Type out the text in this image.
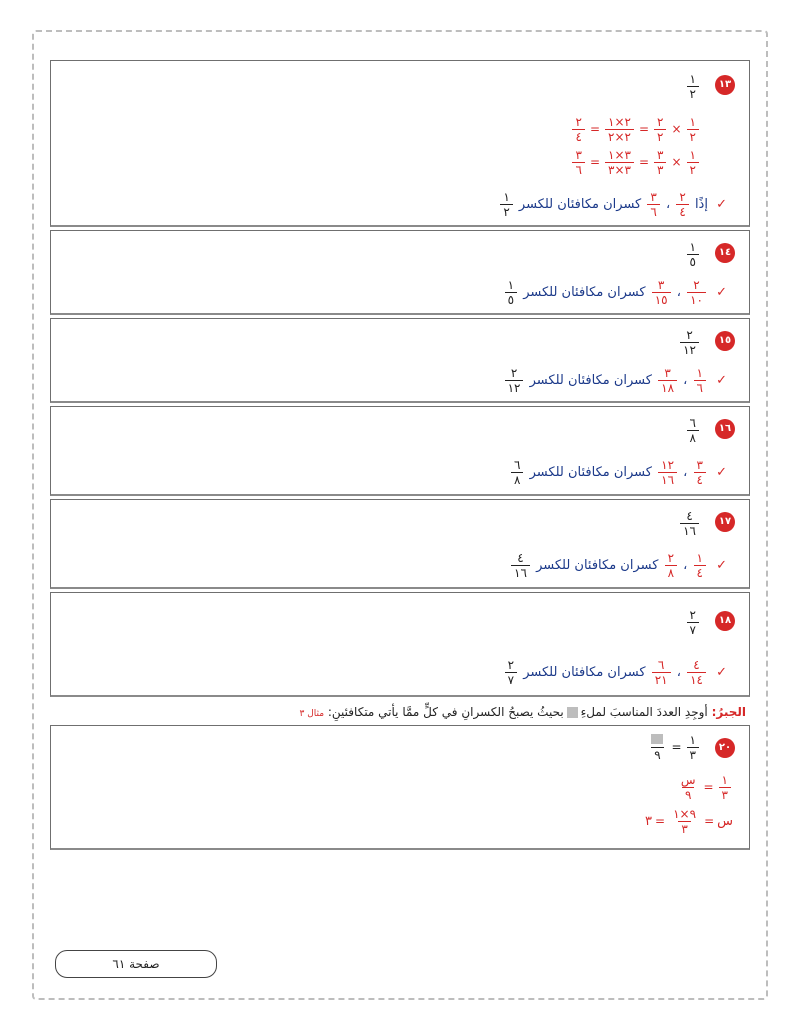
١٣
$\frac{١}{٢}$
$\frac{١}{٢}$
×
$\frac{٢}{٢}$
=
$\frac{٢\times ١}{٢\times ٢}$
=
$\frac{٢}{٤}$
$\frac{١}{٢}$
×
$\frac{٣}{٣}$
=
$\frac{٣\times ١}{٣\times ٣}$
=
$\frac{٣}{٦}$
✓ إذًا
$\frac{٢}{٤}$
،
$\frac{٣}{٦}$
كسران مكافئان للكسر
$\frac{١}{٢}$
١٤
$\frac{١}{٥}$
✓
$\frac{٢}{١٠}$
،
$\frac{٣}{١٥}$
كسران مكافئان للكسر
$\frac{١}{٥}$
١٥
$\frac{٢}{١٢}$
✓
$\frac{١}{٦}$
،
$\frac{٣}{١٨}$
كسران مكافئان للكسر
$\frac{٢}{١٢}$
١٦
$\frac{٦}{٨}$
✓
$\frac{٣}{٤}$
،
$\frac{١٢}{١٦}$
كسران مكافئان للكسر
$\frac{٦}{٨}$
١٧
$\frac{٤}{١٦}$
✓
$\frac{١}{٤}$
،
$\frac{٢}{٨}$
كسران مكافئان للكسر
$\frac{٤}{١٦}$
١٨
$\frac{٢}{٧}$
✓
$\frac{٤}{١٤}$
،
$\frac{٦}{٢١}$
كسران مكافئان للكسر
$\frac{٢}{٧}$
الجبرُ: أوجِدِ العددَ المناسبَ لملءِبحيثُ يصبحُ الكسرانِ في كلٍّ ممَّا يأتي متكافئينِ: مثال ٣
٢٠
$\frac{١}{٣}$
=
٩
$\frac{١}{٣}$
=
$\frac{\text{س}}{٩}$
س=
$\frac{٩\times ١}{٣}$
=٣
صفحة ٦١
